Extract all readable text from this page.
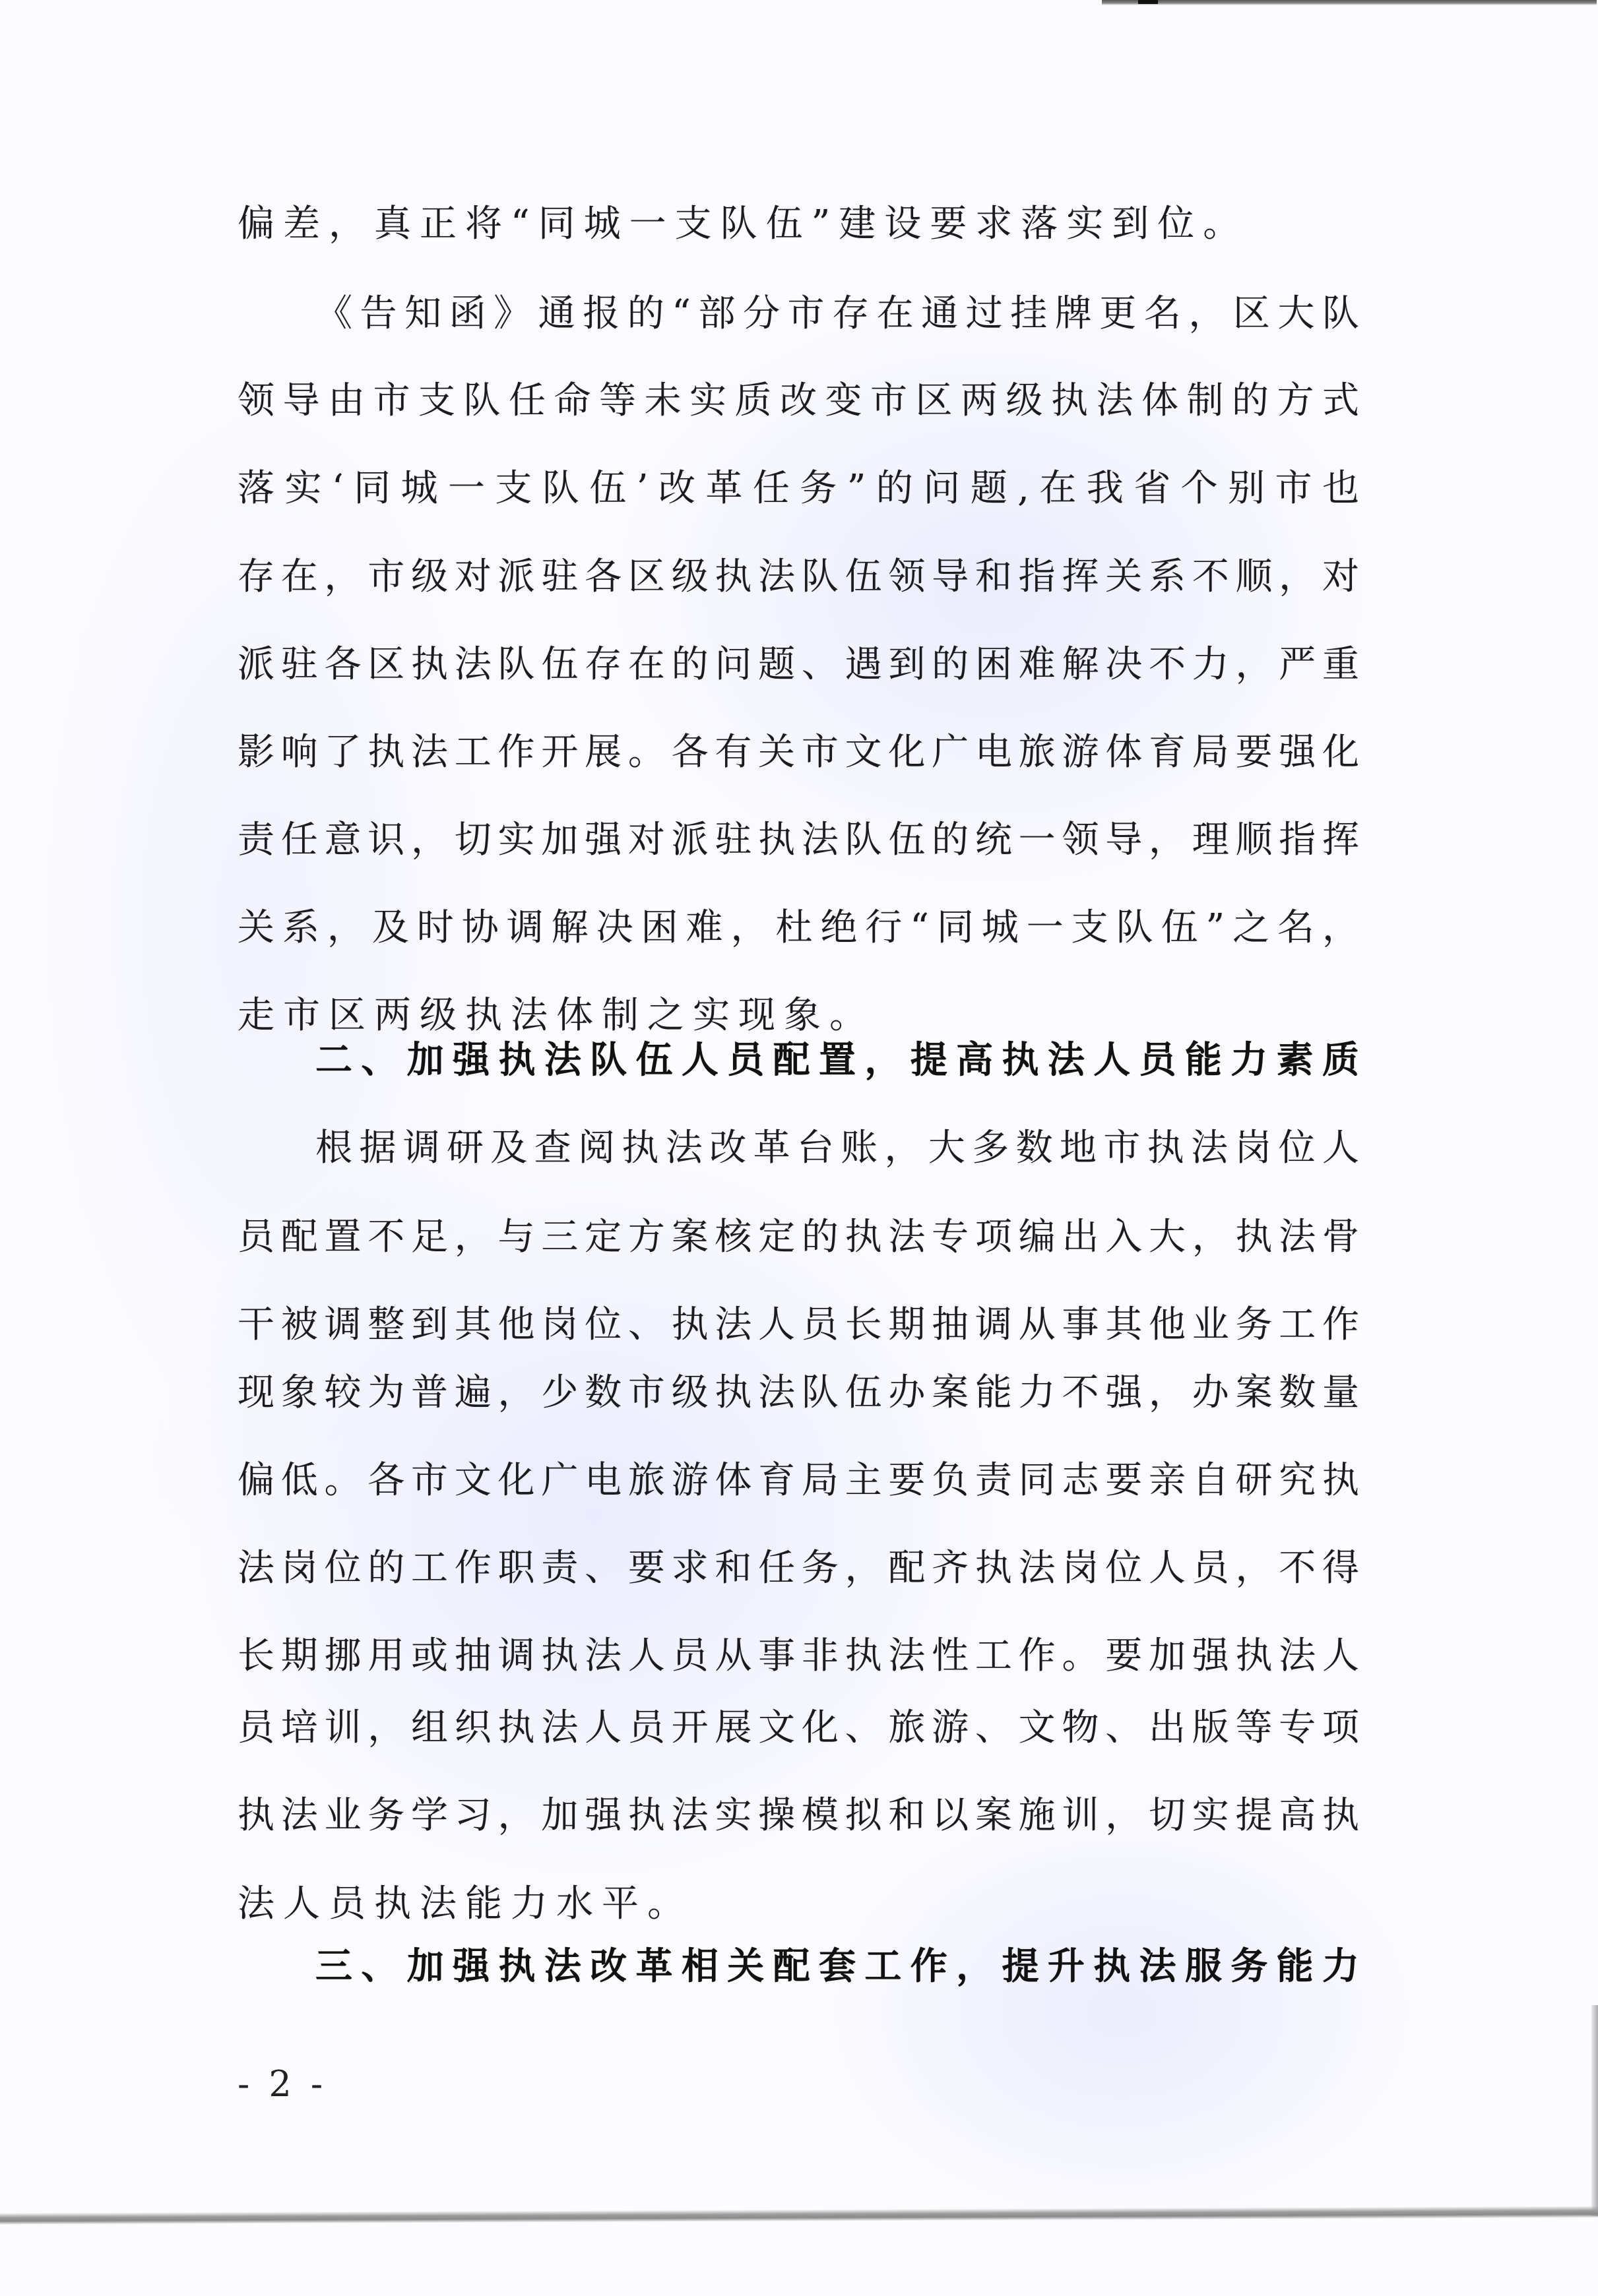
偏差，真正将“同城一支队伍”建设要求落实到位。
《告知函》通报的“部分市存在通过挂牌更名，区大队
领导由市支队任命等未实质改变市区两级执法体制的方式
落实‘同城一支队伍’改革任务”的问题,在我省个别市也
存在，市级对派驻各区级执法队伍领导和指挥关系不顺，对
派驻各区执法队伍存在的问题、遇到的困难解决不力，严重
影响了执法工作开展。各有关市文化广电旅游体育局要强化
责任意识，切实加强对派驻执法队伍的统一领导，理顺指挥
关系，及时协调解决困难，杜绝行“同城一支队伍”之名，
走市区两级执法体制之实现象。
二、加强执法队伍人员配置，提高执法人员能力素质
根据调研及查阅执法改革台账，大多数地市执法岗位人
员配置不足，与三定方案核定的执法专项编出入大，执法骨
干被调整到其他岗位、执法人员长期抽调从事其他业务工作
现象较为普遍，少数市级执法队伍办案能力不强，办案数量
偏低。各市文化广电旅游体育局主要负责同志要亲自研究执
法岗位的工作职责、要求和任务，配齐执法岗位人员，不得
长期挪用或抽调执法人员从事非执法性工作。要加强执法人
员培训，组织执法人员开展文化、旅游、文物、出版等专项
执法业务学习，加强执法实操模拟和以案施训，切实提高执
法人员执法能力水平。
三、加强执法改革相关配套工作，提升执法服务能力
- 2 -
